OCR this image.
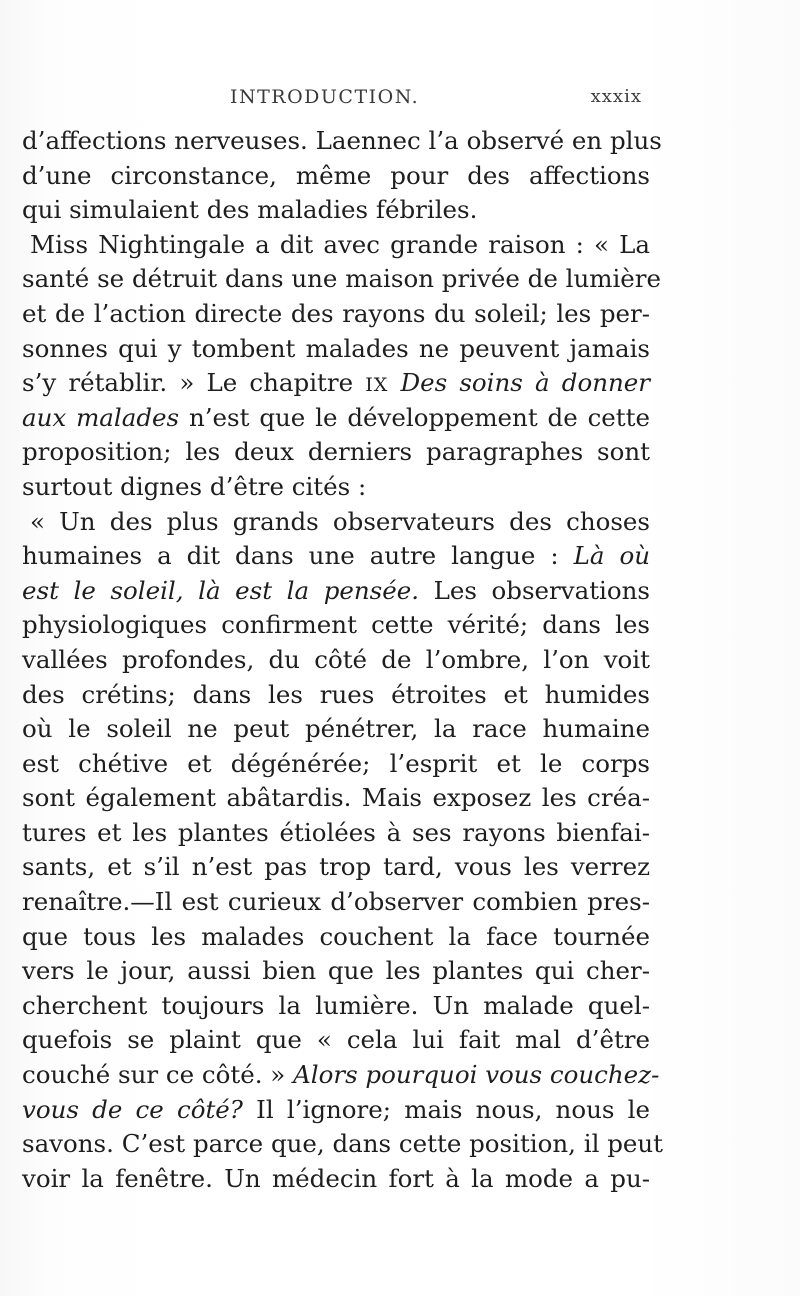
INTRODUCTION.	xxxix
d’affections nerveuses. Laennec l’a observé en plus
d’une circonstance, même pour des affections
qui simulaient des maladies fébriles.
Miss Nightingale a dit avec grande raison : « La
santé se détruit dans une maison privée de lumière
et de l’action directe des rayons du soleil; les per-
sonnes qui y tombent malades ne peuvent jamais
s’y rétablir. » Le chapitre IX Des soins à donner
aux malades n’est que le développement de cette
proposition; les deux derniers paragraphes sont
surtout dignes d’être cités :
« Un des plus grands observateurs des choses
humaines a dit dans une autre langue : Là où
est le soleil, là est la pensée. Les observations
physiologiques confirment cette vérité; dans les
vallées profondes, du côté de l’ombre, l’on voit
des crétins; dans les rues étroites et humides
où le soleil ne peut pénétrer, la race humaine
est chétive et dégénérée; l’esprit et le corps
sont également abâtardis. Mais exposez les créa-
tures et les plantes étiolées à ses rayons bienfai-
sants, et s’il n’est pas trop tard, vous les verrez
renaître.—Il est curieux d’observer combien pres-
que tous les malades couchent la face tournée
vers le jour, aussi bien que les plantes qui cher-
cherchent toujours la lumière. Un malade quel-
quefois se plaint que « cela lui fait mal d’être
couché sur ce côté. » Alors pourquoi vous couchez-
vous de ce côté? Il l’ignore; mais nous, nous le
savons. C’est parce que, dans cette position, il peut
voir la fenêtre. Un médecin fort à la mode a pu-
